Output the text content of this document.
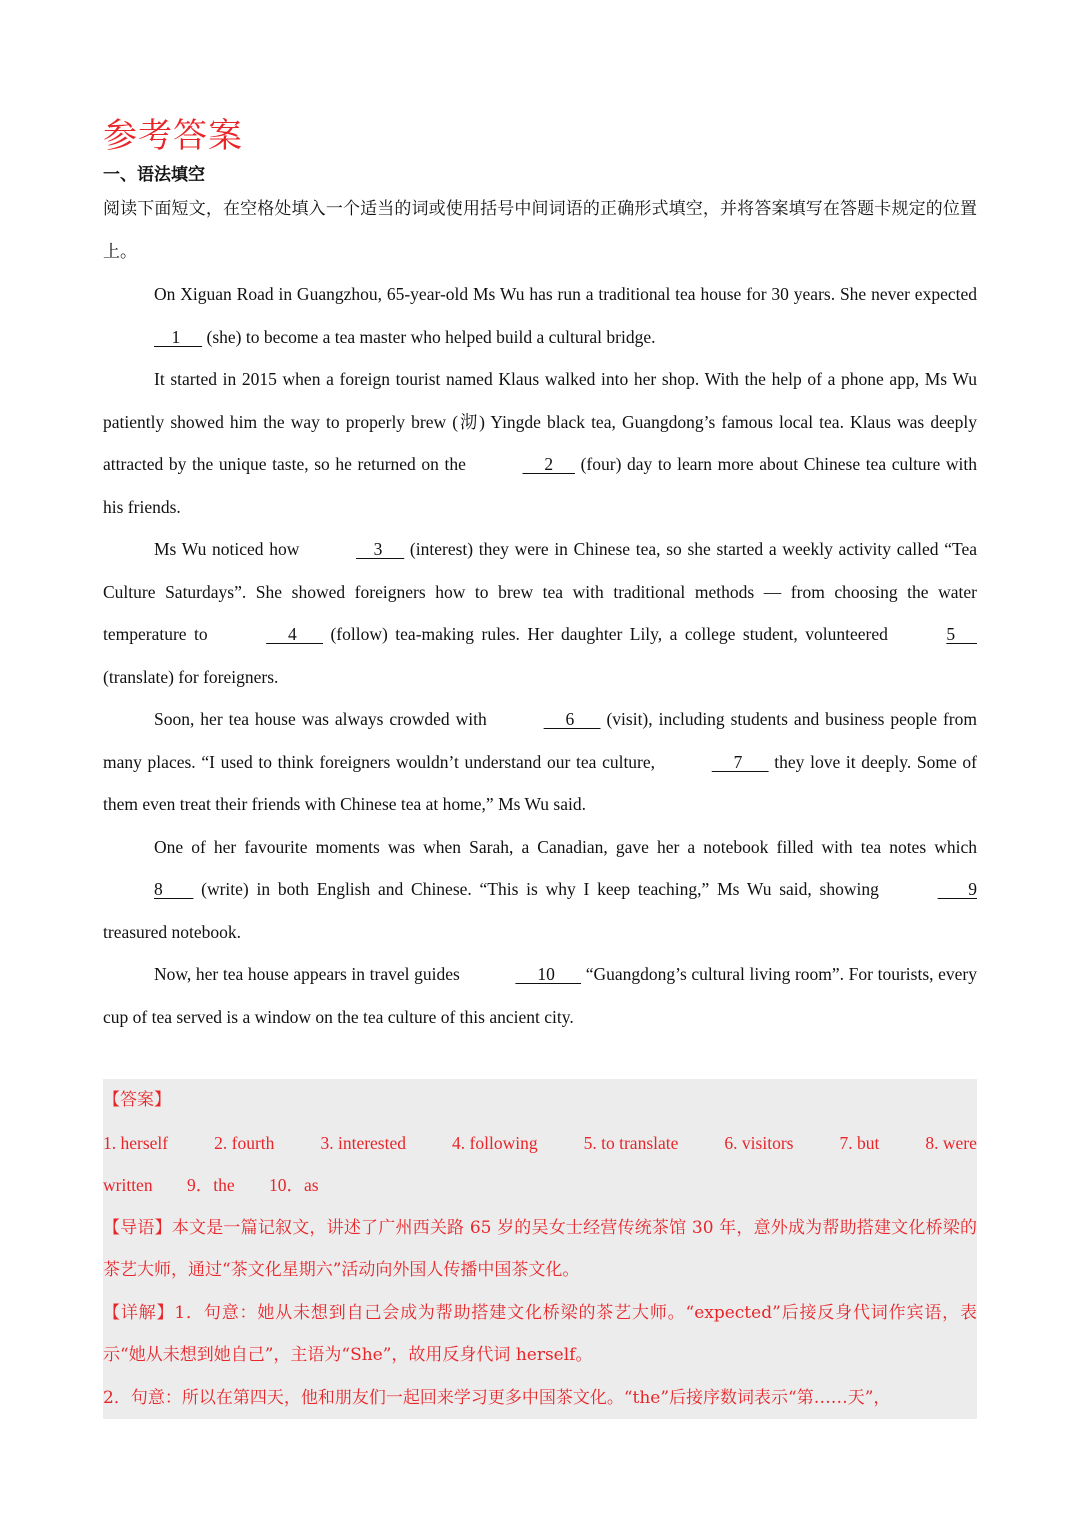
参考答案
一、语法填空

阅读下面短文，在空格处填入一个适当的词或使用括号中间词语的正确形式填空，并将答案填写在答题卡规定的位置上。

On Xiguan Road in Guangzhou, 65-year-old Ms Wu has run a traditional tea house for 30 years. She never expected     1      (she) to become a tea master who helped build a cultural bridge.

It started in 2015 when a foreign tourist named Klaus walked into her shop. With the help of a phone app, Ms Wu patiently showed him the way to properly brew (沏) Yingde black tea, Guangdong’s famous local tea. Klaus was deeply attracted by the unique taste, so he returned on the	2      (four) day to learn more about Chinese tea culture with his friends.

Ms Wu noticed how	3      (interest) they were in Chinese tea, so she started a weekly activity called “Tea Culture Saturdays”. She showed foreigners how to brew tea with traditional methods — from choosing the water temperature to	4       (follow) tea-making rules. Her daughter Lily, a college student, volunteered	5      (translate) for foreigners.

Soon, her tea house was always crowded with	6       (visit), including students and business people from many places. “I used to think foreigners wouldn’t understand our tea culture,	7       they love it deeply. Some of them even treat their friends with Chinese tea at home,” Ms Wu said.

One of her favourite moments was when Sarah, a Canadian, gave her a notebook filled with tea notes which 8        (write) in both English and Chinese. “This is why I keep teaching,” Ms Wu said, showing	9 treasured notebook.

Now, her tea house appears in travel guides	10       “Guangdong’s cultural living room”. For tourists, every cup of tea served is a window on the tea culture of this ancient city.

【答案】

1. herself	2. fourth	3. interested	4. following	5. to translate	6. visitors	7. but	8. were
written 9．the 10．as

【导语】本文是一篇记叙文，讲述了广州西关路 65 岁的吴女士经营传统茶馆 30 年，意外成为帮助搭建文化桥梁的茶艺大师，通过“茶文化星期六”活动向外国人传播中国茶文化。

【详解】1．句意：她从未想到自己会成为帮助搭建文化桥梁的茶艺大师。“expected”后接反身代词作宾语，表示“她从未想到她自己”，主语为“She”，故用反身代词 herself。

2．句意：所以在第四天，他和朋友们一起回来学习更多中国茶文化。“the”后接序数词表示“第……天”，
